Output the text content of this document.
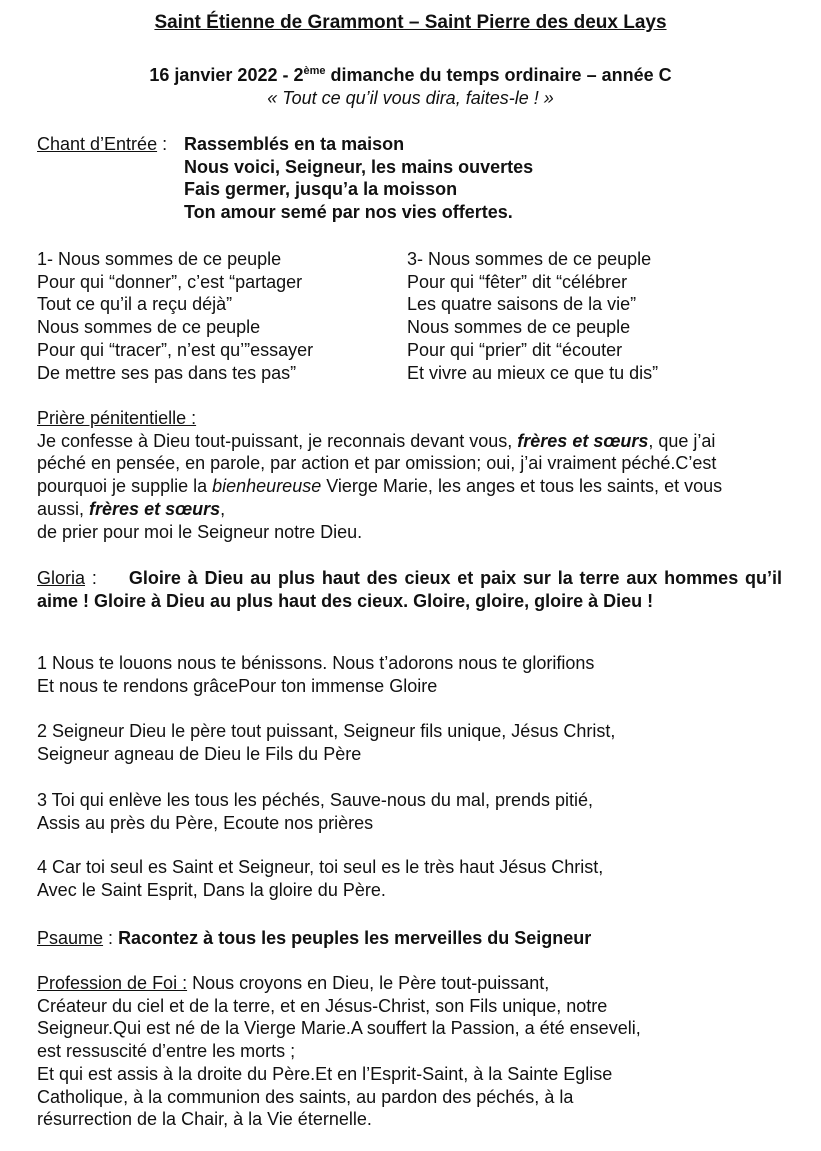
Saint Étienne de Grammont – Saint Pierre des deux Lays
16 janvier 2022 - 2ème dimanche du temps ordinaire – année C
« Tout ce qu’il vous dira, faites-le ! »
Chant d’Entrée : Rassemblés en ta maison
Nous voici, Seigneur, les mains ouvertes
Fais germer, jusqu’a la moisson
Ton amour semé par nos vies offertes.
1- Nous sommes de ce peuple
Pour qui “donner”, c’est “partager
Tout ce qu’il a reçu déjà”
Nous sommes de ce peuple
Pour qui “tracer”, n’est qu’”essayer
De mettre ses pas dans tes pas”
3- Nous sommes de ce peuple
Pour qui “fêter” dit “célébrer
Les quatre saisons de la vie”
Nous sommes de ce peuple
Pour qui “prier” dit “écouter
Et vivre au mieux ce que tu dis”
Prière pénitentielle :
Je confesse à Dieu tout-puissant, je reconnais devant vous, frères et sœurs, que j’ai péché en pensée, en parole, par action et par omission; oui, j’ai vraiment péché.C’est pourquoi je supplie la bienheureuse Vierge Marie, les anges et tous les saints, et vous aussi, frères et sœurs,
de prier pour moi le Seigneur notre Dieu.
Gloria : Gloire à Dieu au plus haut des cieux et paix sur la terre aux hommes qu’il aime ! Gloire à Dieu au plus haut des cieux. Gloire, gloire, gloire à Dieu !
1 Nous te louons nous te bénissons. Nous t’adorons nous te glorifions
Et nous te rendons grâcePour ton immense Gloire
2 Seigneur Dieu le père tout puissant, Seigneur fils unique, Jésus Christ,
Seigneur agneau de Dieu le Fils du Père
3 Toi qui enlève les tous les péchés, Sauve-nous du mal, prends pitié,
Assis au près du Père, Ecoute nos prières
4 Car toi seul es Saint et Seigneur, toi seul es le très haut Jésus Christ,
Avec le Saint Esprit, Dans la gloire du Père.
Psaume : Racontez à tous les peuples les merveilles du Seigneur
Profession de Foi : Nous croyons en Dieu, le Père tout-puissant,
Créateur du ciel et de la terre, et en Jésus-Christ, son Fils unique, notre
Seigneur.Qui est né de la Vierge Marie.A souffert la Passion, a été enseveli,
est ressuscité d’entre les morts ;
Et qui est assis à la droite du Père.Et en l’Esprit-Saint, à la Sainte Eglise
Catholique, à la communion des saints, au pardon des péchés, à la
résurrection de la Chair, à la Vie éternelle.
